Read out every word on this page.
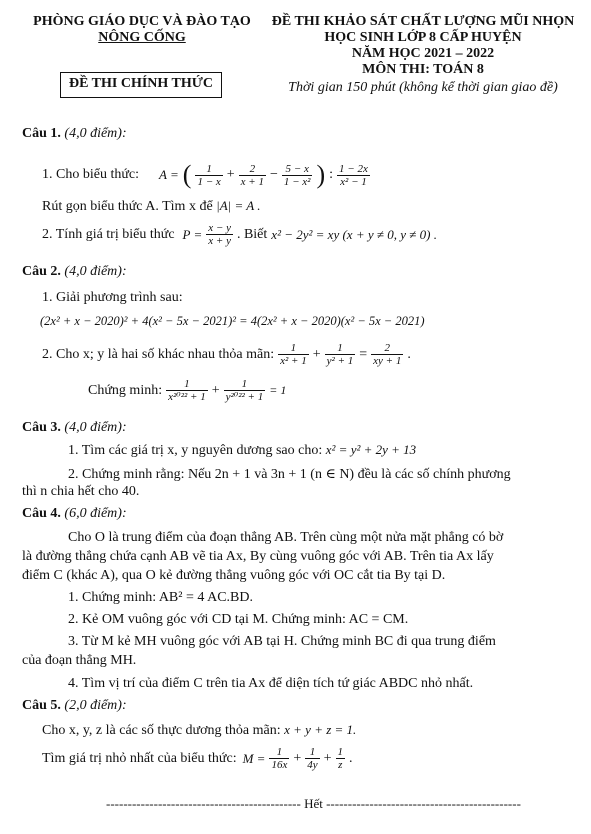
PHÒNG GIÁO DỤC VÀ ĐÀO TẠO
NÔNG CỐNG
ĐỀ THI CHÍNH THỨC
ĐỀ THI KHẢO SÁT CHẤT LƯỢNG MŨI NHỌN
HỌC SINH LỚP 8 CẤP HUYỆN
NĂM HỌC 2021 – 2022
MÔN THI: TOÁN 8
Thời gian 150 phút (không kể thời gian giao đề)
Câu 1. (4,0 điểm):
1. Cho biểu thức: A = ( $\frac{1}{1 - x} + \frac{2}{x + 1} - \frac{5 - x}{\text{1 − x²}}$ ) : $\frac{1 - 2x}{\text{x² − 1}}$
Rút gọn biểu thức A. Tìm x để |A| = A .
2. Tính giá trị biểu thức $P = \frac{x - y}{x + y}$ . Biết x² − 2y² = xy (x + y ≠ 0, y ≠ 0) .
Câu 2. (4,0 điểm):
1. Giải phương trình sau:
(2x² + x − 2020)² + 4(x² − 5x − 2021)² = 4(2x² + x − 2020)(x² − 5x − 2021)
2. Cho x; y là hai số khác nhau thỏa mãn: $\frac{1}{\text{x² + 1}} + \frac{1}{\text{y² + 1}} = \frac{2}{xy + 1}$ .
Chứng minh: $\frac{1}{\text{x²⁰²² + 1}} + \frac{1}{\text{y²⁰²² + 1}} = 1$
Câu 3. (4,0 điểm):
1. Tìm các giá trị x, y nguyên dương sao cho: x² = y² + 2y + 13
2. Chứng minh rằng: Nếu 2n + 1 và 3n + 1 (n ∈ N) đều là các số chính phương
thì n chia hết cho 40.
Câu 4. (6,0 điểm):
Cho O là trung điểm của đoạn thẳng AB. Trên cùng một nửa mặt phẳng có bờ
là đường thẳng chứa cạnh AB vẽ tia Ax, By cùng vuông góc với AB. Trên tia Ax lấy
điểm C (khác A), qua O kẻ đường thẳng vuông góc với OC cắt tia By tại D.
1. Chứng minh: AB² = 4 AC.BD.
2. Kẻ OM vuông góc với CD tại M. Chứng minh: AC = CM.
3. Từ M kẻ MH vuông góc với AB tại H. Chứng minh BC đi qua trung điểm
của đoạn thẳng MH.
4. Tìm vị trí của điểm C trên tia Ax để diện tích tứ giác ABDC nhỏ nhất.
Câu 5. (2,0 điểm):
Cho x, y, z là các số thực dương thỏa mãn: x + y + z = 1.
Tìm giá trị nhỏ nhất của biểu thức: $M = \frac{1}{16x} + \frac{1}{4y} + \frac{1}{z}$ .
--------------------------------------------- Hết ---------------------------------------------
